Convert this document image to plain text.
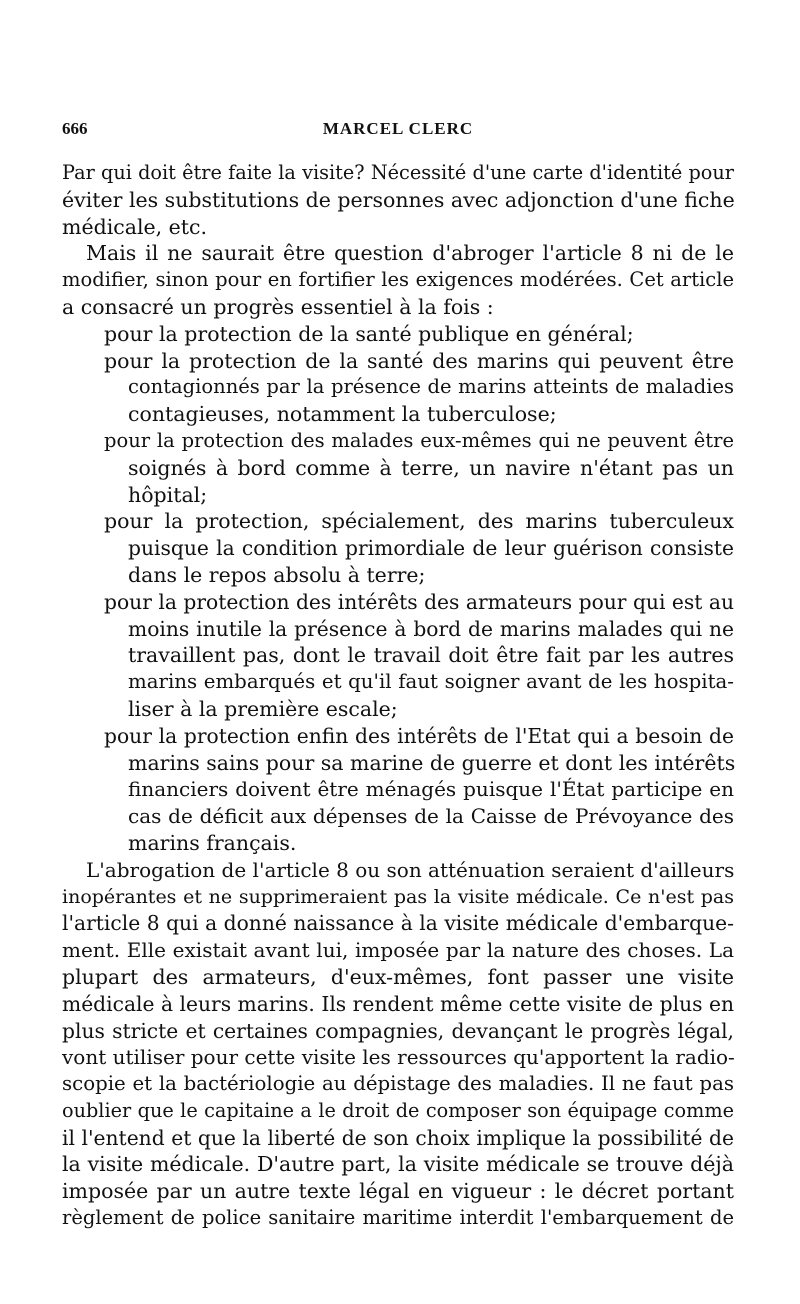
666	MARCEL CLERC
Par qui doit être faite la visite? Nécessité d'une carte d'identité pour
éviter les substitutions de personnes avec adjonction d'une fiche
médicale, etc.
Mais il ne saurait être question d'abroger l'article 8 ni de le
modifier, sinon pour en fortifier les exigences modérées. Cet article
a consacré un progrès essentiel à la fois :
pour la protection de la santé publique en général;
pour la protection de la santé des marins qui peuvent être
contagionnés par la présence de marins atteints de maladies
contagieuses, notamment la tuberculose;
pour la protection des malades eux-mêmes qui ne peuvent être
soignés à bord comme à terre, un navire n'étant pas un
hôpital;
pour la protection, spécialement, des marins tuberculeux
puisque la condition primordiale de leur guérison consiste
dans le repos absolu à terre;
pour la protection des intérêts des armateurs pour qui est au
moins inutile la présence à bord de marins malades qui ne
travaillent pas, dont le travail doit être fait par les autres
marins embarqués et qu'il faut soigner avant de les hospita-
liser à la première escale;
pour la protection enfin des intérêts de l'Etat qui a besoin de
marins sains pour sa marine de guerre et dont les intérêts
financiers doivent être ménagés puisque l'État participe en
cas de déficit aux dépenses de la Caisse de Prévoyance des
marins français.
L'abrogation de l'article 8 ou son atténuation seraient d'ailleurs
inopérantes et ne supprimeraient pas la visite médicale. Ce n'est pas
l'article 8 qui a donné naissance à la visite médicale d'embarque-
ment. Elle existait avant lui, imposée par la nature des choses. La
plupart des armateurs, d'eux-mêmes, font passer une visite
médicale à leurs marins. Ils rendent même cette visite de plus en
plus stricte et certaines compagnies, devançant le progrès légal,
vont utiliser pour cette visite les ressources qu'apportent la radio-
scopie et la bactériologie au dépistage des maladies. Il ne faut pas
oublier que le capitaine a le droit de composer son équipage comme
il l'entend et que la liberté de son choix implique la possibilité de
la visite médicale. D'autre part, la visite médicale se trouve déjà
imposée par un autre texte légal en vigueur : le décret portant
règlement de police sanitaire maritime interdit l'embarquement de
